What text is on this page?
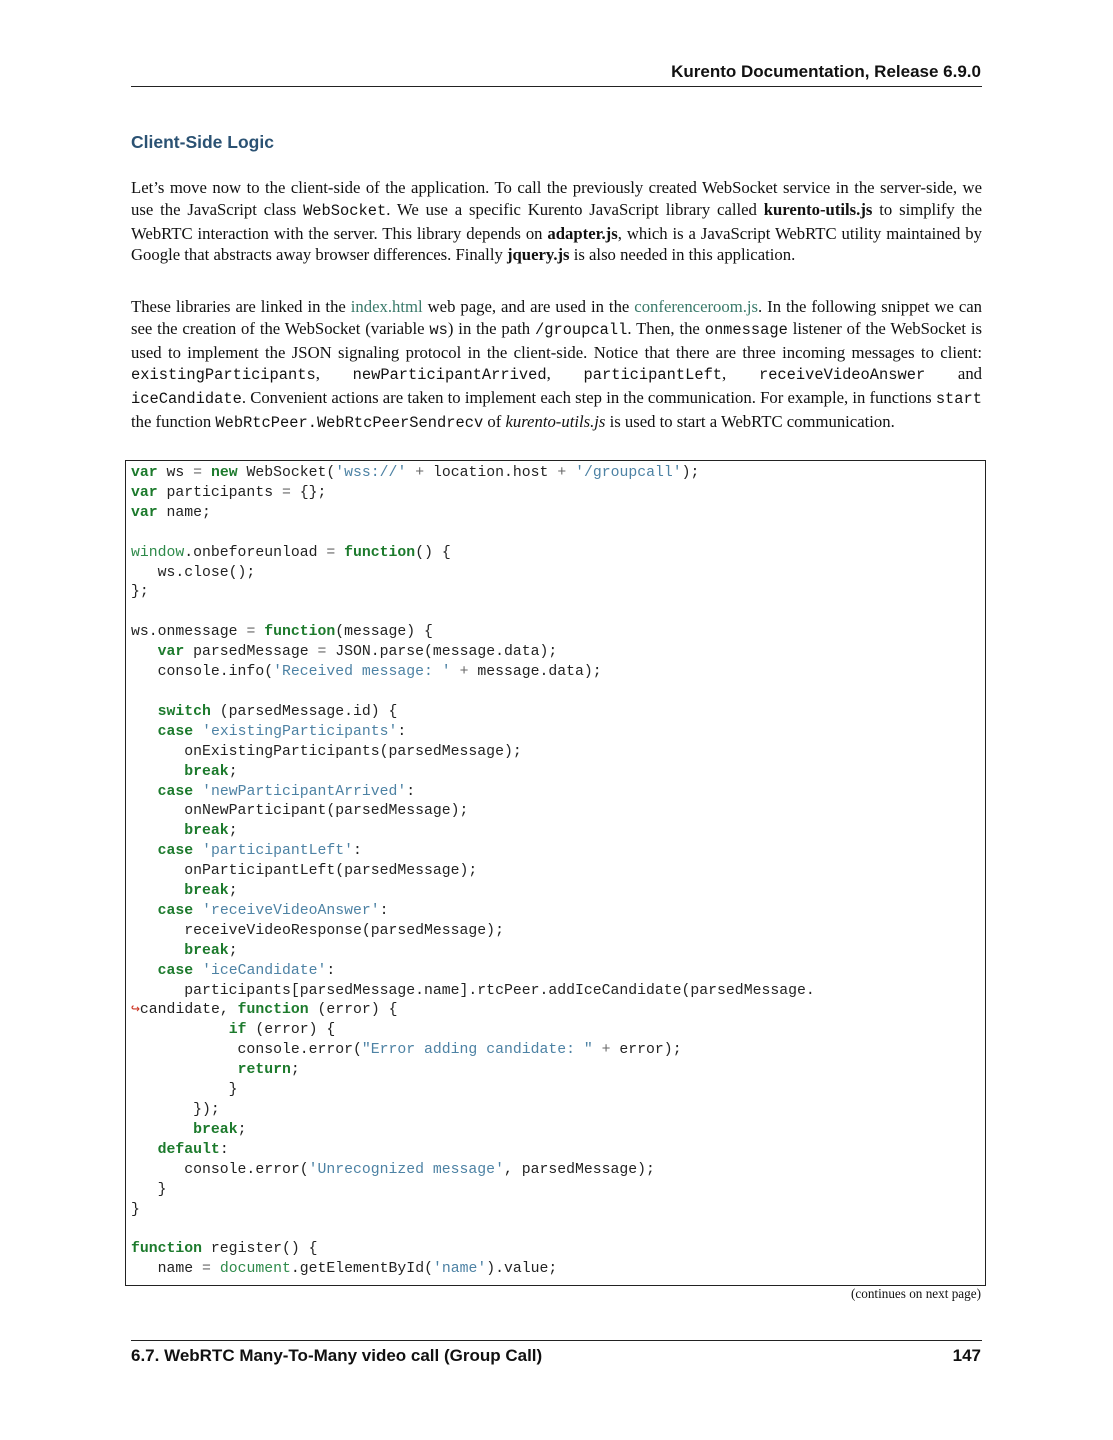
Kurento Documentation, Release 6.9.0
Client-Side Logic

Let’s move now to the client-side of the application. To call the previously created WebSocket service in the server-side, we use the JavaScript class WebSocket. We use a specific Kurento JavaScript library called kurento-utils.js to simplify the WebRTC interaction with the server. This library depends on adapter.js, which is a JavaScript WebRTC utility maintained by Google that abstracts away browser differences. Finally jquery.js is also needed in this application.

These libraries are linked in the index.html web page, and are used in the conferenceroom.js. In the following snippet we can see the creation of the WebSocket (variable ws) in the path /groupcall. Then, the onmessage listener of the WebSocket is used to implement the JSON signaling protocol in the client-side. Notice that there are three incoming messages to client: existingParticipants, newParticipantArrived, participantLeft, receiveVideoAnswer and iceCandidate. Convenient actions are taken to implement each step in the communication. For example, in functions start the function WebRtcPeer.WebRtcPeerSendrecv of kurento-utils.js is used to start a WebRTC communication.

var ws = new WebSocket('wss://' + location.host + '/groupcall');
var participants = {};
var name;

window.onbeforeunload = function() {
ws.close();
};

ws.onmessage = function(message) {
var parsedMessage = JSON.parse(message.data);
console.info('Received message: ' + message.data);

switch (parsedMessage.id) {
case 'existingParticipants':
onExistingParticipants(parsedMessage);
break;
case 'newParticipantArrived':
onNewParticipant(parsedMessage);
break;
case 'participantLeft':
onParticipantLeft(parsedMessage);
break;
case 'receiveVideoAnswer':
receiveVideoResponse(parsedMessage);
break;
case 'iceCandidate':
participants[parsedMessage.name].rtcPeer.addIceCandidate(parsedMessage.
↪candidate, function (error) {
if (error) {
console.error("Error adding candidate: " + error);
return;
}
});
break;
default:
console.error('Unrecognized message', parsedMessage);
}
}

function register() {
name = document.getElementById('name').value;
(continues on next page)
6.7. WebRTC Many-To-Many video call (Group Call)	147
